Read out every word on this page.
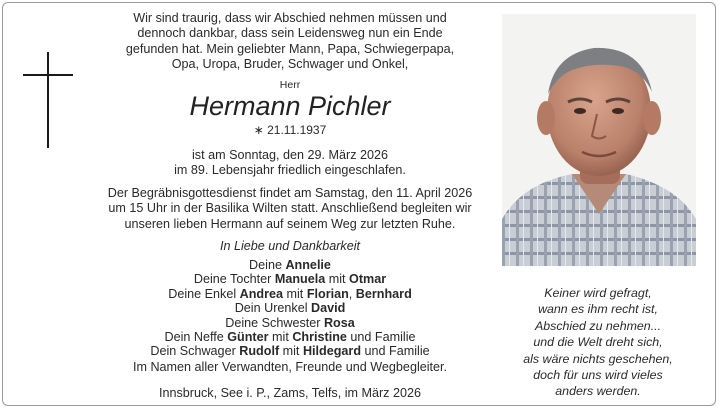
Wir sind traurig, dass wir Abschied nehmen müssen und
dennoch dankbar, dass sein Leidensweg nun ein Ende
gefunden hat. Mein geliebter Mann, Papa, Schwiegerpapa,
Opa, Uropa, Bruder, Schwager und Onkel,
Herr
Hermann Pichler
∗ 21.11.1937
ist am Sonntag, den 29. März 2026
im 89. Lebensjahr friedlich eingeschlafen.
Der Begräbnisgottesdienst findet am Samstag, den 11. April 2026
um 15 Uhr in der Basilika Wilten statt. Anschließend begleiten wir
unseren lieben Hermann auf seinem Weg zur letzten Ruhe.
In Liebe und Dankbarkeit
Deine Annelie
Deine Tochter Manuela mit Otmar
Deine Enkel Andrea mit Florian, Bernhard
Dein Urenkel David
Deine Schwester Rosa
Dein Neffe Günter mit Christine und Familie
Dein Schwager Rudolf mit Hildegard und Familie
Im Namen aller Verwandten, Freunde und Wegbegleiter.
Innsbruck, See i. P., Zams, Telfs, im März 2026
Keiner wird gefragt,
wann es ihm recht ist,
Abschied zu nehmen...
und die Welt dreht sich,
als wäre nichts geschehen,
doch für uns wird vieles
anders werden.
